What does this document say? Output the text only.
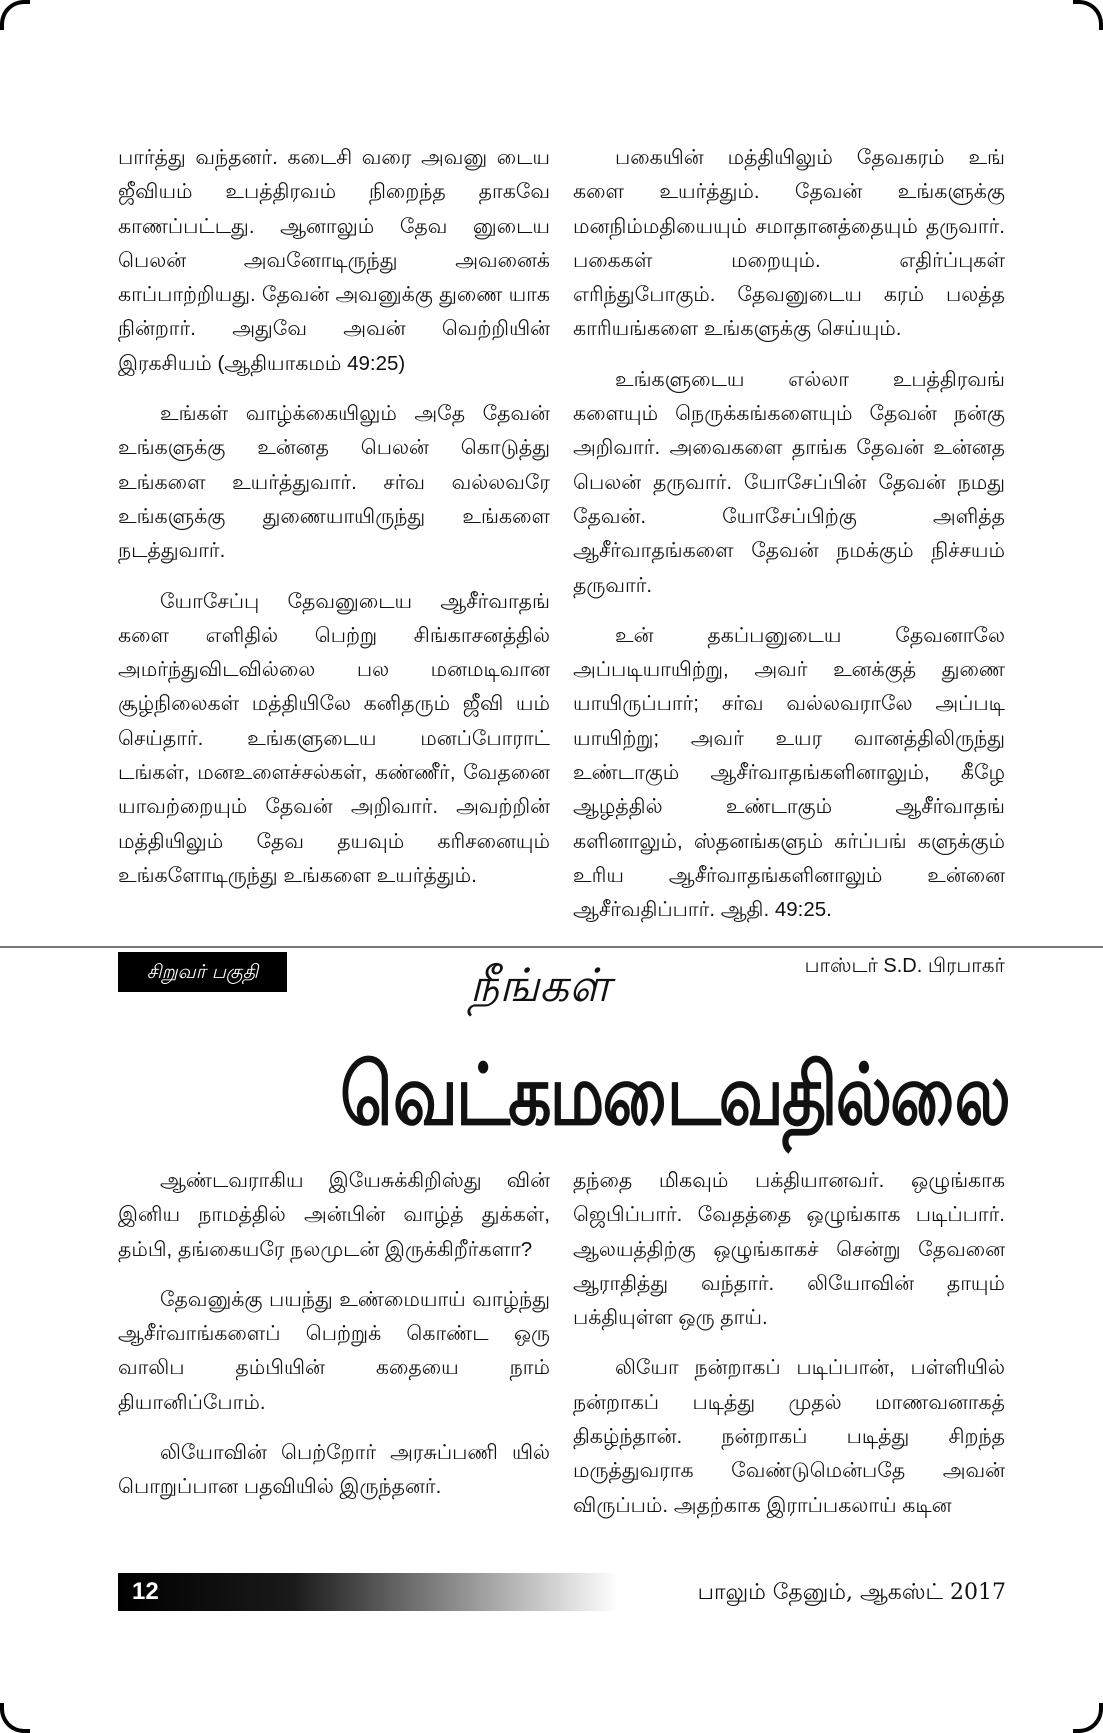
பார்த்து வந்தனர். கடைசி வரை அவனு டைய ஜீவியம் உபத்திரவம் நிறைந்த தாகவே காணப்பட்டது. ஆனாலும் தேவ னுடைய பெலன் அவனோடிருந்து அவனைக் காப்பாற்றியது. தேவன் அவனுக்கு துணை யாக நின்றார். அதுவே அவன் வெற்றியின் இரகசியம் (ஆதியாகமம் 49:25)

உங்கள் வாழ்க்கையிலும் அதே தேவன் உங்களுக்கு உன்னத பெலன் கொடுத்து உங்களை உயர்த்துவார். சர்வ வல்லவரே உங்களுக்கு துணையாயிருந்து உங்களை நடத்துவார்.

யோசேப்பு தேவனுடைய ஆசீர்வாதங் களை எளிதில் பெற்று சிங்காசனத்தில் அமர்ந்துவிடவில்லை பல மனமடிவான சூழ்நிலைகள் மத்தியிலே கனிதரும் ஜீவி யம் செய்தார். உங்களுடைய மனப்போராட் டங்கள், மனஉளைச்சல்கள், கண்ணீர், வேதனை யாவற்றையும் தேவன் அறிவார். அவற்றின் மத்தியிலும் தேவ தயவும் கரிசனையும் உங்களோடிருந்து உங்களை உயர்த்தும்.

பகையின் மத்தியிலும் தேவகரம் உங் களை உயர்த்தும். தேவன் உங்களுக்கு மனநிம்மதியையும் சமாதானத்தையும் தருவார். பகைகள் மறையும். எதிர்ப்புகள் எரிந்துபோகும். தேவனுடைய கரம் பலத்த காரியங்களை உங்களுக்கு செய்யும்.

உங்களுடைய எல்லா உபத்திரவங் களையும் நெருக்கங்களையும் தேவன் நன்கு அறிவார். அவைகளை தாங்க தேவன் உன்னத பெலன் தருவார். யோசேப்பின் தேவன் நமது தேவன். யோசேப்பிற்கு அளித்த ஆசீர்வாதங்களை தேவன் நமக்கும் நிச்சயம் தருவார்.

உன் தகப்பனுடைய தேவனாலே அப்படியாயிற்று, அவர் உனக்குத் துணை யாயிருப்பார்; சர்வ வல்லவராலே அப்படி யாயிற்று; அவர் உயர வானத்திலிருந்து உண்டாகும் ஆசீர்வாதங்களினாலும், கீழே ஆழத்தில் உண்டாகும் ஆசீர்வாதங் களினாலும், ஸ்தனங்களும் கர்ப்பங் களுக்கும் உரிய ஆசீர்வாதங்களினாலும் உன்னை ஆசீர்வதிப்பார். ஆதி. 49:25.

சிறுவர் பகுதி	பாஸ்டர் S.D. பிரபாகர்
நீங்கள்
வெட்கமடைவதில்லை

ஆண்டவராகிய இயேசுக்கிறிஸ்து வின் இனிய நாமத்தில் அன்பின் வாழ்த் துக்கள், தம்பி, தங்கையரே நலமுடன் இருக்கிறீர்களா?

தேவனுக்கு பயந்து உண்மையாய் வாழ்ந்து ஆசீர்வாங்களைப் பெற்றுக் கொண்ட ஒரு வாலிப தம்பியின் கதையை நாம் தியானிப்போம்.

லியோவின் பெற்றோர் அரசுப்பணி யில் பொறுப்பான பதவியில் இருந்தனர்.

தந்தை மிகவும் பக்தியானவர். ஒழுங்காக ஜெபிப்பார். வேதத்தை ஒழுங்காக படிப்பார். ஆலயத்திற்கு ஒழுங்காகச் சென்று தேவனை ஆராதித்து வந்தார். லியோவின் தாயும் பக்தியுள்ள ஒரு தாய்.

லியோ நன்றாகப் படிப்பான், பள்ளியில் நன்றாகப் படித்து முதல் மாணவனாகத் திகழ்ந்தான். நன்றாகப் படித்து சிறந்த மருத்துவராக வேண்டுமென்பதே அவன் விருப்பம். அதற்காக இராப்பகலாய் கடின

12	பாலும் தேனும், ஆகஸ்ட் 2017
